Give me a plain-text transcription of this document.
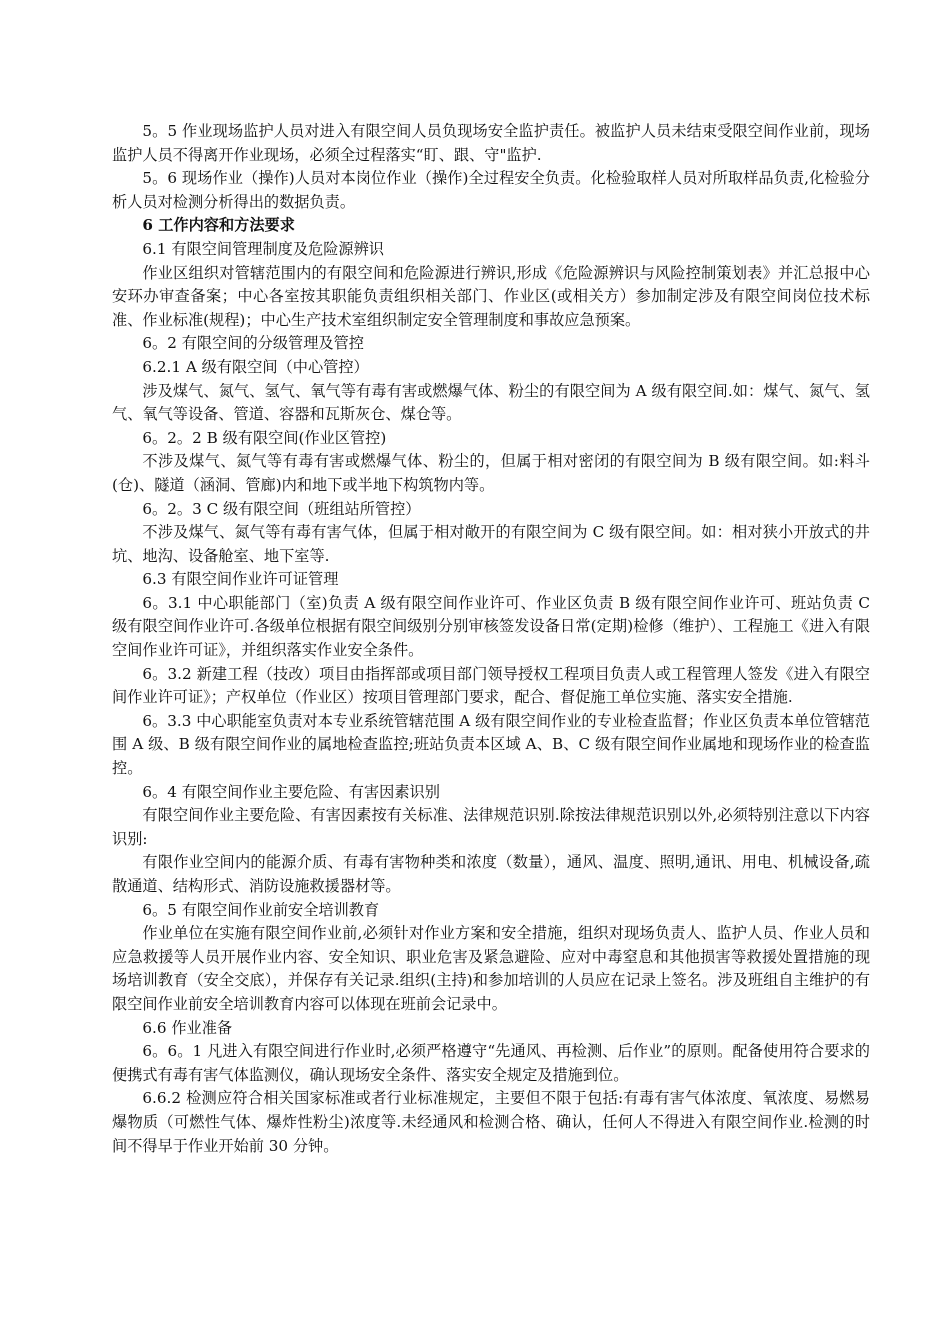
5。5 作业现场监护人员对进入有限空间人员负现场安全监护责任。被监护人员未结束受限空间作业前，现场监护人员不得离开作业现场，必须全过程落实“盯、跟、守"监护.

5。6 现场作业（操作)人员对本岗位作业（操作)全过程安全负责。化检验取样人员对所取样品负责,化检验分析人员对检测分析得出的数据负责。

6 工作内容和方法要求

6.1 有限空间管理制度及危险源辨识

作业区组织对管辖范围内的有限空间和危险源进行辨识,形成《危险源辨识与风险控制策划表》并汇总报中心安环办审查备案；中心各室按其职能负责组织相关部门、作业区(或相关方）参加制定涉及有限空间岗位技术标准、作业标准(规程)；中心生产技术室组织制定安全管理制度和事故应急预案。

6。2 有限空间的分级管理及管控

6.2.1 A 级有限空间（中心管控）

涉及煤气、氮气、氢气、氧气等有毒有害或燃爆气体、粉尘的有限空间为 A 级有限空间.如：煤气、氮气、氢气、氧气等设备、管道、容器和瓦斯灰仓、煤仓等。

6。2。2 B 级有限空间(作业区管控)

不涉及煤气、氮气等有毒有害或燃爆气体、粉尘的，但属于相对密闭的有限空间为 B 级有限空间。如:料斗(仓)、隧道（涵洞、管廊)内和地下或半地下构筑物内等。

6。2。3 C 级有限空间（班组站所管控）

不涉及煤气、氮气等有毒有害气体，但属于相对敞开的有限空间为 C 级有限空间。如：相对狭小开放式的井坑、地沟、设备舱室、地下室等.

6.3 有限空间作业许可证管理

6。3.1 中心职能部门（室)负责 A 级有限空间作业许可、作业区负责 B 级有限空间作业许可、班站负责 C 级有限空间作业许可.各级单位根据有限空间级别分别审核签发设备日常(定期)检修（维护）、工程施工《进入有限空间作业许可证》，并组织落实作业安全条件。

6。3.2 新建工程（技改）项目由指挥部或项目部门领导授权工程项目负责人或工程管理人签发《进入有限空间作业许可证》；产权单位（作业区）按项目管理部门要求，配合、督促施工单位实施、落实安全措施.

6。3.3 中心职能室负责对本专业系统管辖范围 A 级有限空间作业的专业检查监督；作业区负责本单位管辖范围 A 级、B 级有限空间作业的属地检查监控;班站负责本区域 A、B、C 级有限空间作业属地和现场作业的检查监控。

6。4 有限空间作业主要危险、有害因素识别

有限空间作业主要危险、有害因素按有关标准、法律规范识别.除按法律规范识别以外,必须特别注意以下内容识别:

有限作业空间内的能源介质、有毒有害物种类和浓度（数量），通风、温度、照明,通讯、用电、机械设备,疏散通道、结构形式、消防设施救援器材等。

6。5 有限空间作业前安全培训教育

作业单位在实施有限空间作业前,必须针对作业方案和安全措施，组织对现场负责人、监护人员、作业人员和应急救援等人员开展作业内容、安全知识、职业危害及紧急避险、应对中毒窒息和其他损害等救援处置措施的现场培训教育（安全交底），并保存有关记录.组织(主持)和参加培训的人员应在记录上签名。涉及班组自主维护的有限空间作业前安全培训教育内容可以体现在班前会记录中。

6.6 作业准备

6。6。1 凡进入有限空间进行作业时,必须严格遵守“先通风、再检测、后作业”的原则。配备使用符合要求的便携式有毒有害气体监测仪，确认现场安全条件、落实安全规定及措施到位。

6.6.2 检测应符合相关国家标准或者行业标准规定，主要但不限于包括:有毒有害气体浓度、氧浓度、易燃易爆物质（可燃性气体、爆炸性粉尘)浓度等.未经通风和检测合格、确认，任何人不得进入有限空间作业.检测的时间不得早于作业开始前 30 分钟。
